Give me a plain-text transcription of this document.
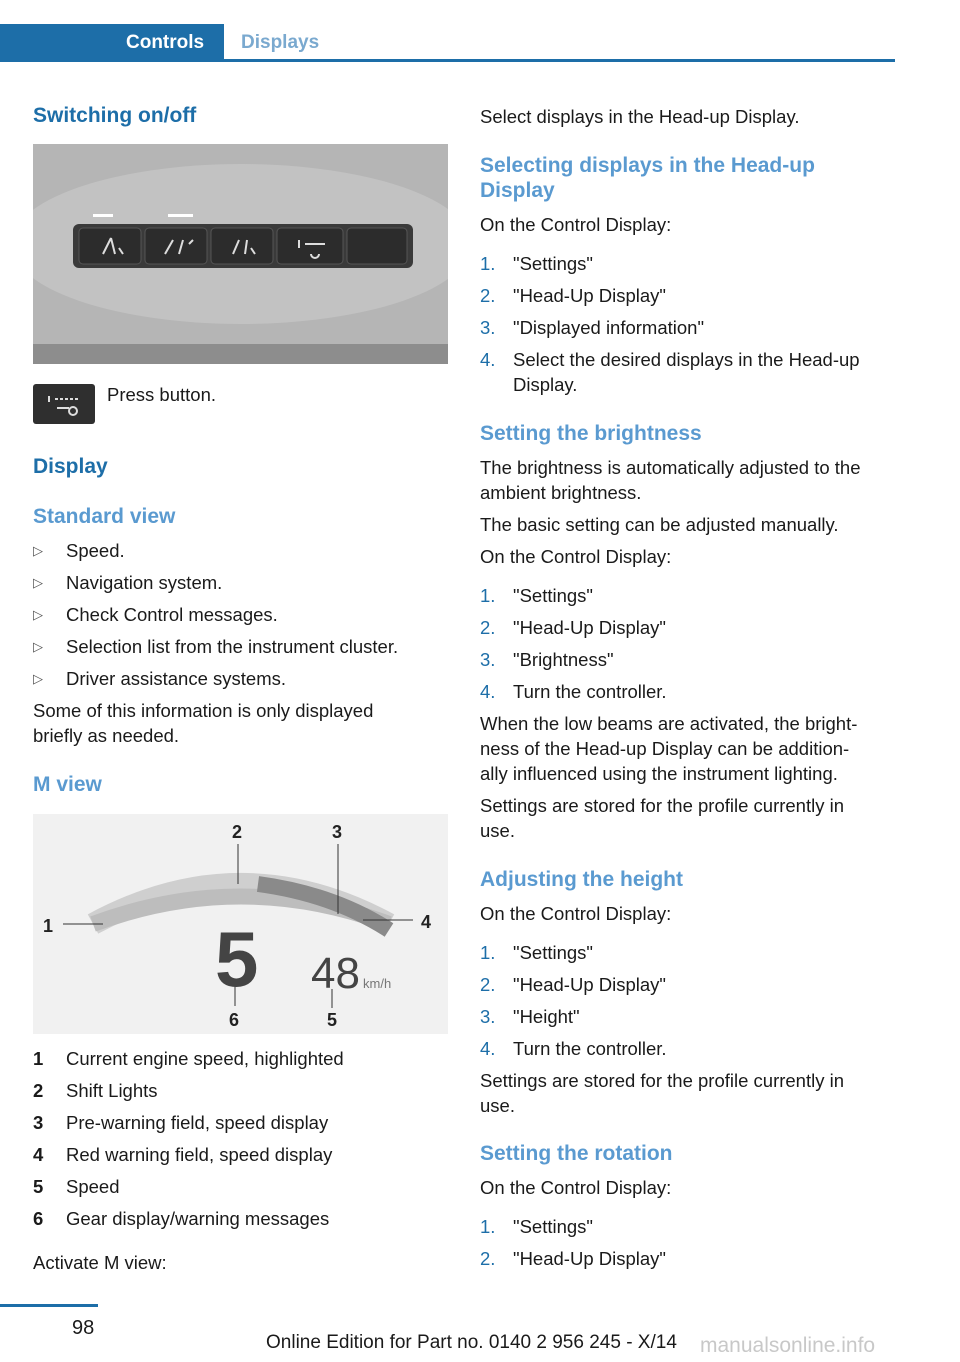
Controls	Displays
Switching on/off
Press button.
Display
Standard view
▷ Speed.
▷ Navigation system.
▷ Check Control messages.
▷ Selection list from the instrument cluster.
▷ Driver assistance systems.
Some of this information is only displayed
briefly as needed.
M view
1
2	3
4
5
6
5 48 km/h
1 Current engine speed, highlighted
2 Shift Lights
3 Pre-warning field, speed display
4 Red warning field, speed display
5 Speed
6 Gear display/warning messages
Activate M view:
Select displays in the Head-up Display.
Selecting displays in the Head-up
Display
On the Control Display:
1. "Settings"
2. "Head-Up Display"
3. "Displayed information"
4. Select the desired displays in the Head-up
Display.
Setting the brightness
The brightness is automatically adjusted to the
ambient brightness.
The basic setting can be adjusted manually.
On the Control Display:
1. "Settings"
2. "Head-Up Display"
3. "Brightness"
4. Turn the controller.
When the low beams are activated, the bright‐
ness of the Head-up Display can be addition‐
ally influenced using the instrument lighting.
Settings are stored for the profile currently in
use.
Adjusting the height
On the Control Display:
1. "Settings"
2. "Head-Up Display"
3. "Height"
4. Turn the controller.
Settings are stored for the profile currently in
use.
Setting the rotation
On the Control Display:
1. "Settings"
2. "Head-Up Display"
98
Online Edition for Part no. 0140 2 956 245 - X/14 manualsonline.info
